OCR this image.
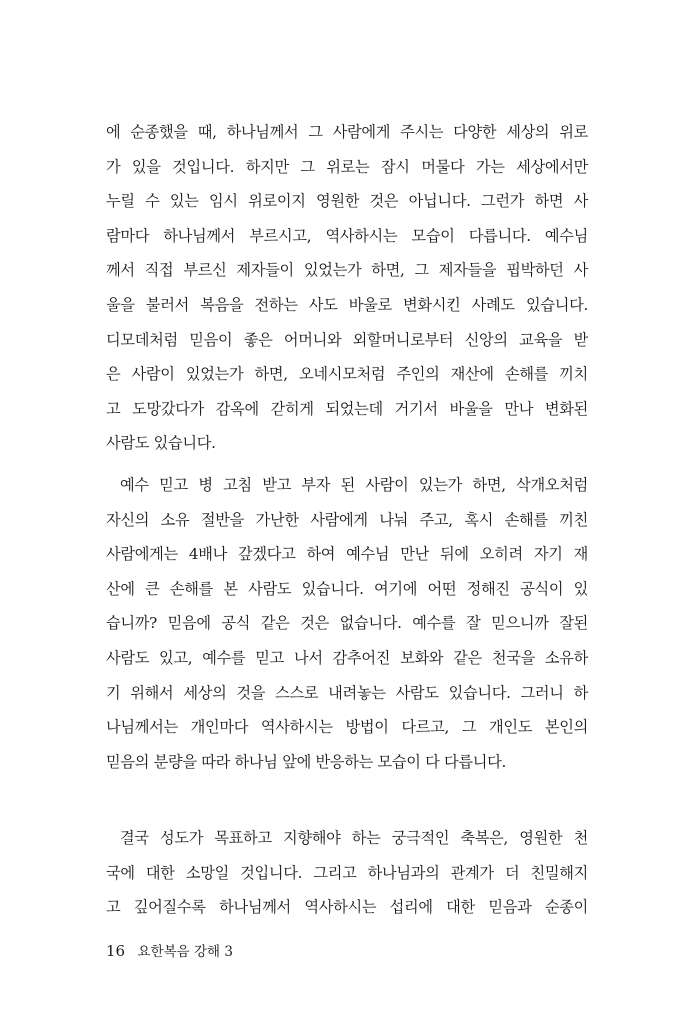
에 순종했을 때, 하나님께서 그 사람에게 주시는 다양한 세상의 위로
가 있을 것입니다. 하지만 그 위로는 잠시 머물다 가는 세상에서만
누릴 수 있는 임시 위로이지 영원한 것은 아닙니다. 그런가 하면 사
람마다 하나님께서 부르시고, 역사하시는 모습이 다릅니다. 예수님
께서 직접 부르신 제자들이 있었는가 하면, 그 제자들을 핍박하던 사
울을 불러서 복음을 전하는 사도 바울로 변화시킨 사례도 있습니다.
디모데처럼 믿음이 좋은 어머니와 외할머니로부터 신앙의 교육을 받
은 사람이 있었는가 하면, 오네시모처럼 주인의 재산에 손해를 끼치
고 도망갔다가 감옥에 갇히게 되었는데 거기서 바울을 만나 변화된
사람도 있습니다.
예수 믿고 병 고침 받고 부자 된 사람이 있는가 하면, 삭개오처럼
자신의 소유 절반을 가난한 사람에게 나눠 주고, 혹시 손해를 끼친
사람에게는 4배나 갚겠다고 하여 예수님 만난 뒤에 오히려 자기 재
산에 큰 손해를 본 사람도 있습니다. 여기에 어떤 정해진 공식이 있
습니까? 믿음에 공식 같은 것은 없습니다. 예수를 잘 믿으니까 잘된
사람도 있고, 예수를 믿고 나서 감추어진 보화와 같은 천국을 소유하
기 위해서 세상의 것을 스스로 내려놓는 사람도 있습니다. 그러니 하
나님께서는 개인마다 역사하시는 방법이 다르고, 그 개인도 본인의
믿음의 분량을 따라 하나님 앞에 반응하는 모습이 다 다릅니다.
결국 성도가 목표하고 지향해야 하는 궁극적인 축복은, 영원한 천
국에 대한 소망일 것입니다. 그리고 하나님과의 관계가 더 친밀해지
고 깊어질수록 하나님께서 역사하시는 섭리에 대한 믿음과 순종이
16 요한복음 강해 3
